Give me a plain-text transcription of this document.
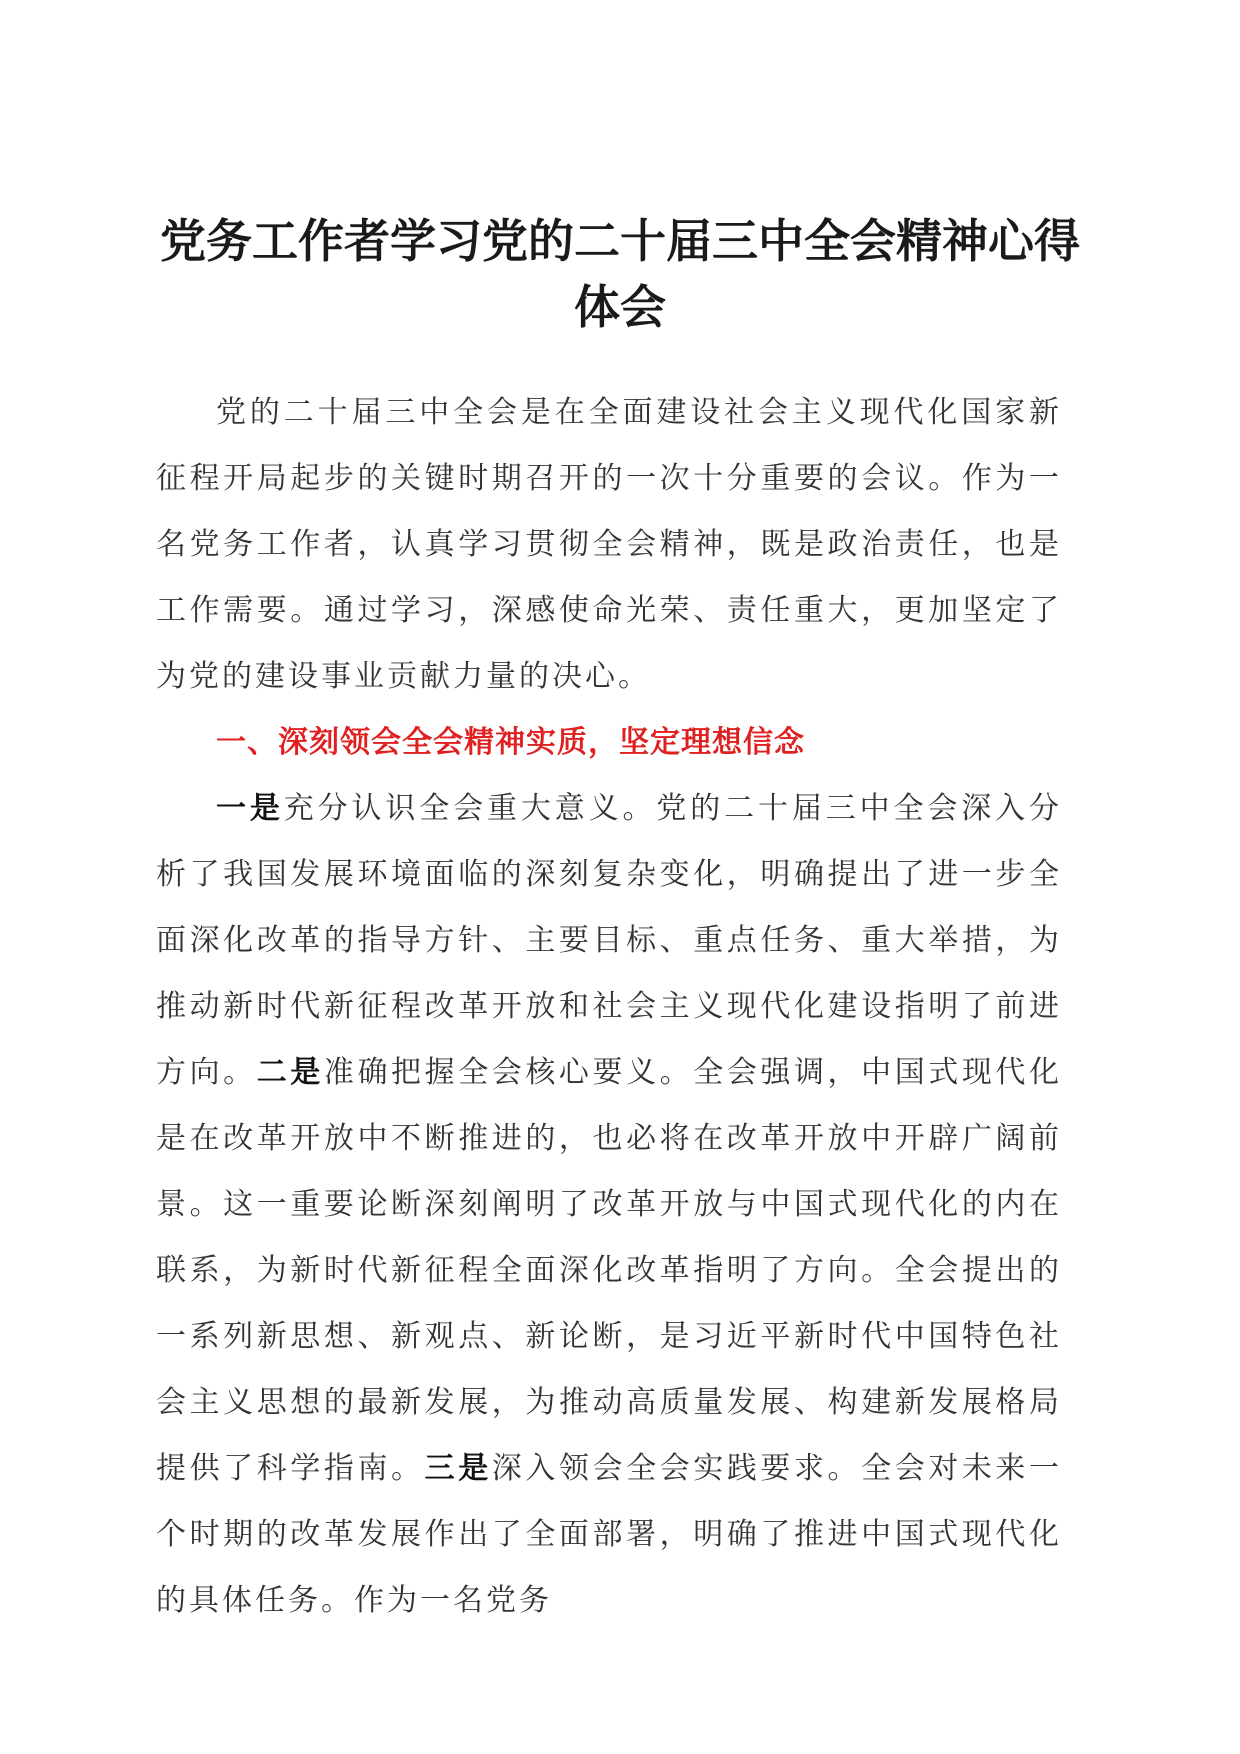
党务工作者学习党的二十届三中全会精神心得
体会

党的二十届三中全会是在全面建设社会主义现代化国家新征程开局起步的关键时期召开的一次十分重要的会议。作为一名党务工作者，认真学习贯彻全会精神，既是政治责任，也是工作需要。通过学习，深感使命光荣、责任重大，更加坚定了为党的建设事业贡献力量的决心。

一、深刻领会全会精神实质，坚定理想信念

一是充分认识全会重大意义。党的二十届三中全会深入分析了我国发展环境面临的深刻复杂变化，明确提出了进一步全面深化改革的指导方针、主要目标、重点任务、重大举措，为推动新时代新征程改革开放和社会主义现代化建设指明了前进方向。二是准确把握全会核心要义。全会强调，中国式现代化是在改革开放中不断推进的，也必将在改革开放中开辟广阔前景。这一重要论断深刻阐明了改革开放与中国式现代化的内在联系，为新时代新征程全面深化改革指明了方向。全会提出的一系列新思想、新观点、新论断，是习近平新时代中国特色社会主义思想的最新发展，为推动高质量发展、构建新发展格局提供了科学指南。三是深入领会全会实践要求。全会对未来一个时期的改革发展作出了全面部署，明确了推进中国式现代化的具体任务。作为一名党务
